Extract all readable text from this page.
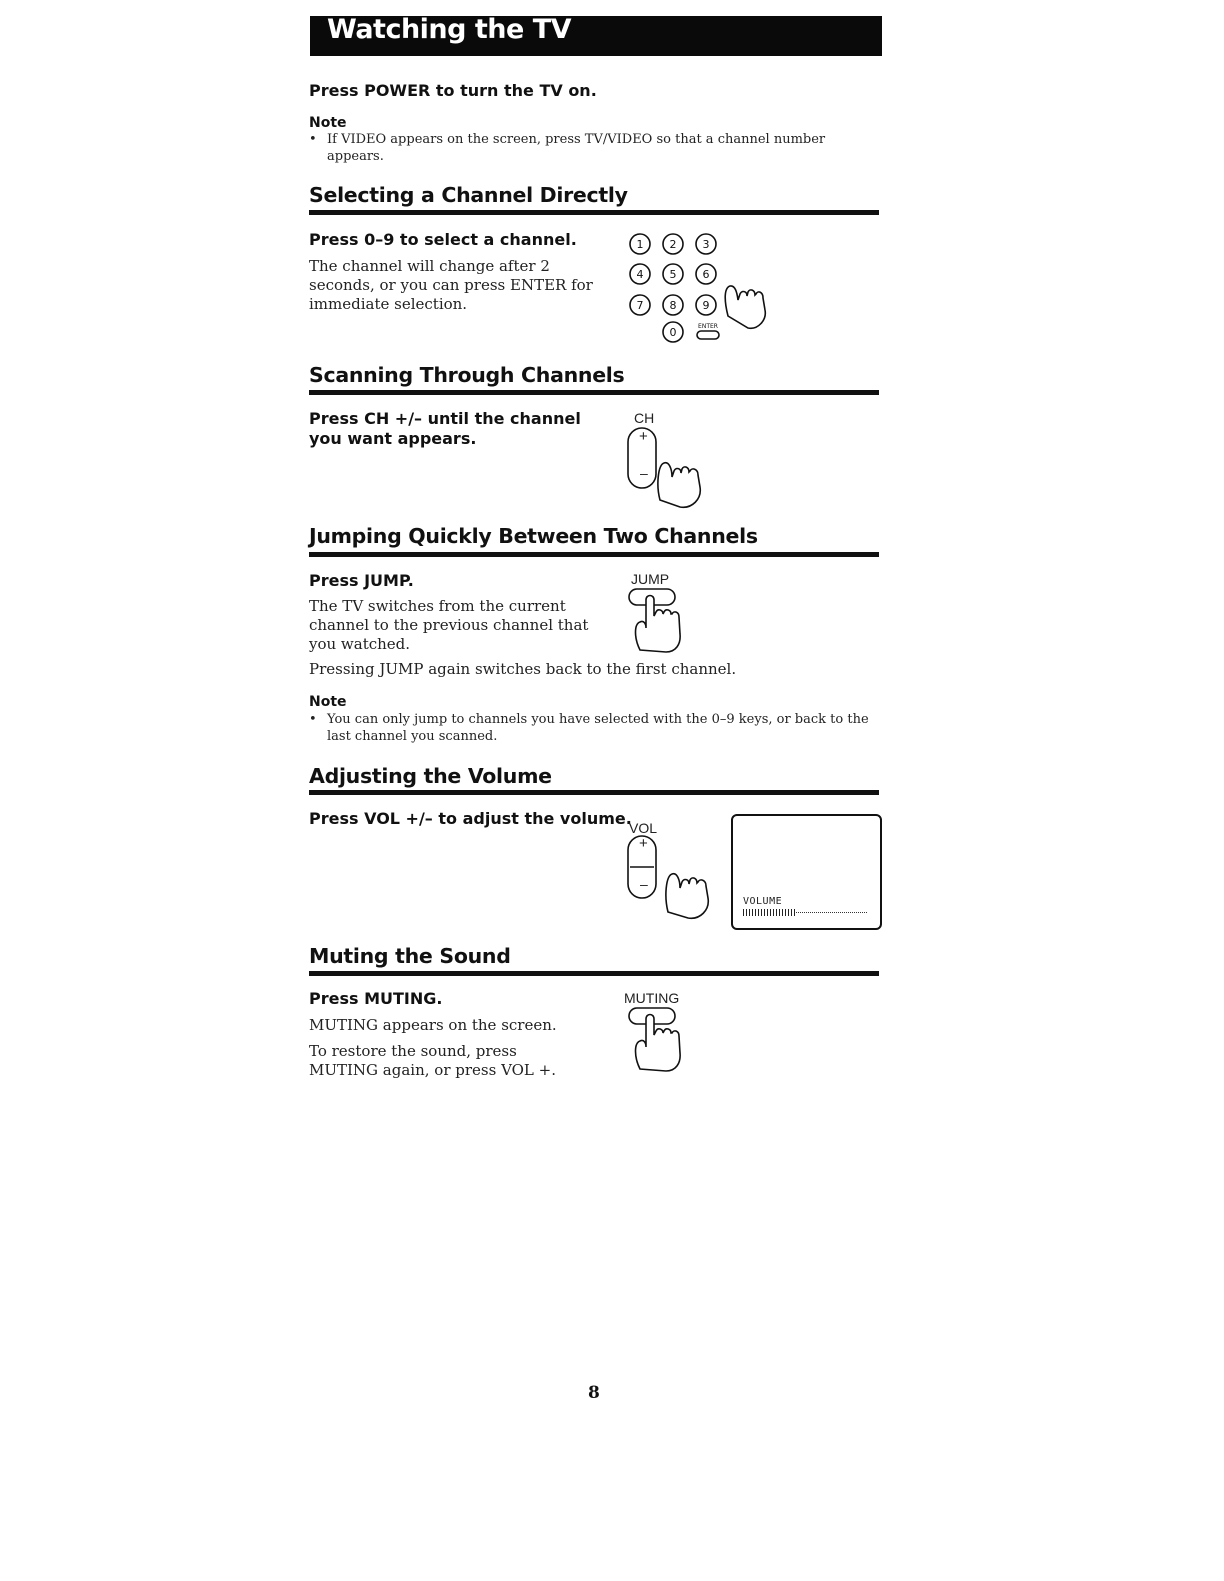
Watching the TV
Press POWER to turn the TV on.
Note
• If VIDEO appears on the screen, press TV/VIDEO so that a channel number appears.
Selecting a Channel Directly
Press 0–9 to select a channel.
The channel will change after 2 seconds, or you can press ENTER for immediate selection.
1 2 3
4 5 6
7 8 9
0	ENTER
Scanning Through Channels
Press CH +/– until the channel you want appears.
CH
+
–
Jumping Quickly Between Two Channels
Press JUMP.
The TV switches from the current channel to the previous channel that you watched.
Pressing JUMP again switches back to the first channel.
JUMP
Note
• You can only jump to channels you have selected with the 0–9 keys, or back to the last channel you scanned.
Adjusting the Volume
Press VOL +/– to adjust the volume.
VOL
+
–
VOLUME
Muting the Sound
Press MUTING.
MUTING appears on the screen.
To restore the sound, press MUTING again, or press VOL +.
MUTING
8
